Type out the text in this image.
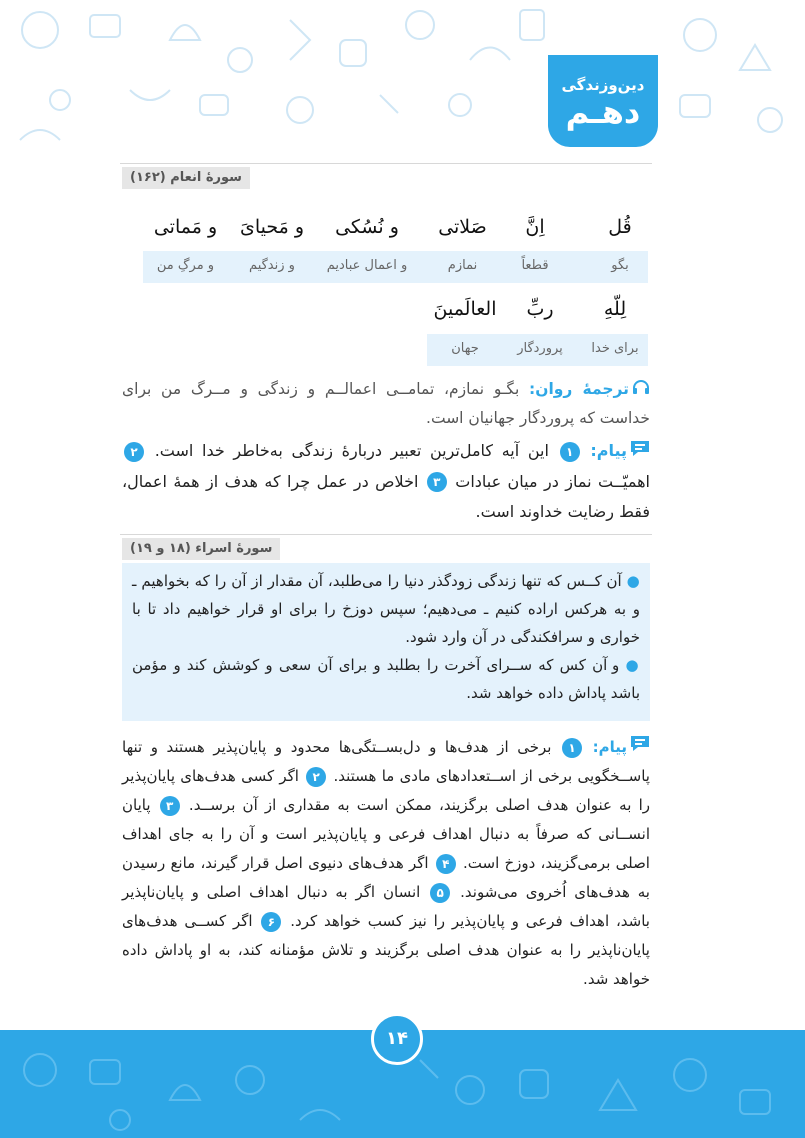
دین‌وزندگی
دهـم
سورهٔ انعام (۱۶۲)
قُل
بگو
اِنَّ
قطعاً
صَلاتی
نمازم
و نُسُکی
و اعمال عبادیم
و مَحیایَ
و زندگیم
و مَماتی
و مرگِ من
لِلّهِ
برای خدا
ربِّ
پروردگار
العالَمینَ
جهان
ترجمهٔ روان: بگـو نمازم، تمامــی اعمالــم و زندگی و مــرگ من برای خداست که پروردگار جهانیان است.
پیام: ۱ این آیه کامل‌ترین تعبیر دربارهٔ زندگی به‌خاطر خدا است. ۲ اهمیّــت نماز در میان عبادات ۳ اخلاص در عمل چرا که هدف از همهٔ اعمال، فقط رضایت خداوند است.
سورهٔ اسراء (۱۸ و ۱۹)
● آن کــس که تنها زندگی زودگذر دنیا را می‌طلبد، آن مقدار از آن را که بخواهیم ـ و به هرکس اراده کنیم ـ می‌دهیم؛ سپس دوزخ را برای او قرار خواهیم داد تا با خواری و سرافکندگی در آن وارد شود.
● و آن کس که ســرای آخرت را بطلبد و برای آن سعی و کوشش کند و مؤمن باشد پاداش داده خواهد شد.
پیام: ۱ برخی از هدف‌ها و دل‌بســتگی‌ها محدود و پایان‌پذیر هستند و تنها پاســخگویی برخی از اســتعدادهای مادی ما هستند. ۲ اگر کسی هدف‌های پایان‌پذیر را به عنوان هدف اصلی برگزیند، ممکن است به مقداری از آن برســد. ۳ پایان انســانی که صرفاً به دنبال اهداف فرعی و پایان‌پذیر است و آن را به جای اهداف اصلی برمی‌گزیند، دوزخ است. ۴ اگر هدف‌های دنیوی اصل قرار گیرند، مانع رسیدن به هدف‌های اُخروی می‌شوند. ۵ انسان اگر به دنبال اهداف اصلی و پایان‌ناپذیر باشد، اهداف فرعی و پایان‌پذیر را نیز کسب خواهد کرد. ۶ اگر کســی هدف‌های پایان‌ناپذیر را به عنوان هدف اصلی برگزیند و تلاش مؤمنانه کند، به او پاداش داده خواهد شد.
۱۴
